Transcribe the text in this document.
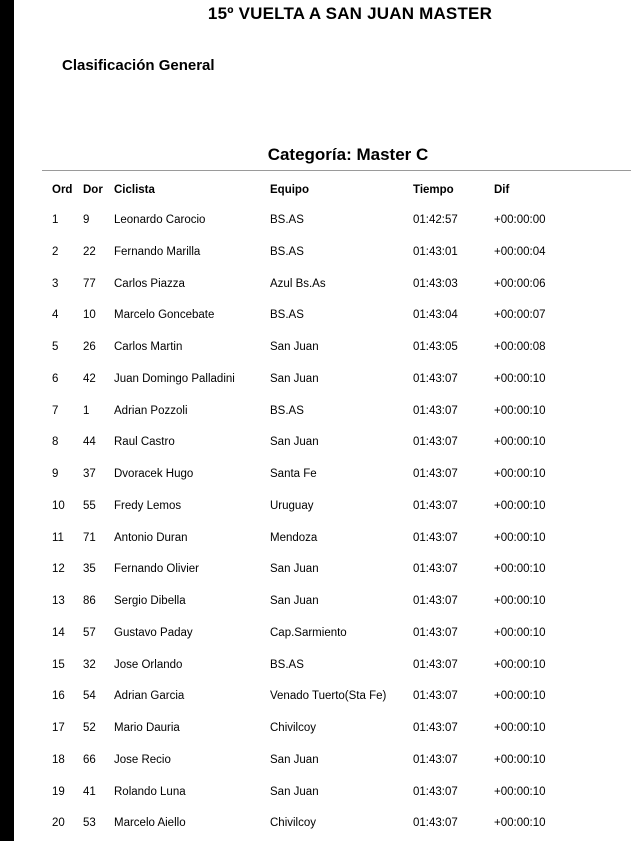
15º VUELTA A SAN JUAN MASTER
Clasificación General
Categoría: Master C
Ord Dor Ciclista	Equipo	Tiempo	Dif
1 9 Leonardo Carocio	BS.AS	01:42:57	+00:00:00
2 22 Fernando Marilla	BS.AS	01:43:01	+00:00:04
3 77 Carlos Piazza	Azul Bs.As	01:43:03	+00:00:06
4 10 Marcelo Goncebate	BS.AS	01:43:04	+00:00:07
5 26 Carlos Martin	San Juan	01:43:05	+00:00:08
6 42 Juan Domingo Palladini	San Juan	01:43:07	+00:00:10
7 1 Adrian Pozzoli	BS.AS	01:43:07	+00:00:10
8 44 Raul Castro	San Juan	01:43:07	+00:00:10
9 37 Dvoracek Hugo	Santa Fe	01:43:07	+00:00:10
10 55 Fredy Lemos	Uruguay	01:43:07	+00:00:10
11 71 Antonio Duran	Mendoza	01:43:07	+00:00:10
12 35 Fernando Olivier	San Juan	01:43:07	+00:00:10
13 86 Sergio Dibella	San Juan	01:43:07	+00:00:10
14 57 Gustavo Paday	Cap.Sarmiento	01:43:07	+00:00:10
15 32 Jose Orlando	BS.AS	01:43:07	+00:00:10
16 54 Adrian Garcia	Venado Tuerto(Sta Fe) 01:43:07	+00:00:10
17 52 Mario Dauria	Chivilcoy	01:43:07	+00:00:10
18 66 Jose Recio	San Juan	01:43:07	+00:00:10
19 41 Rolando Luna	San Juan	01:43:07	+00:00:10
20 53 Marcelo Aiello	Chivilcoy	01:43:07	+00:00:10
